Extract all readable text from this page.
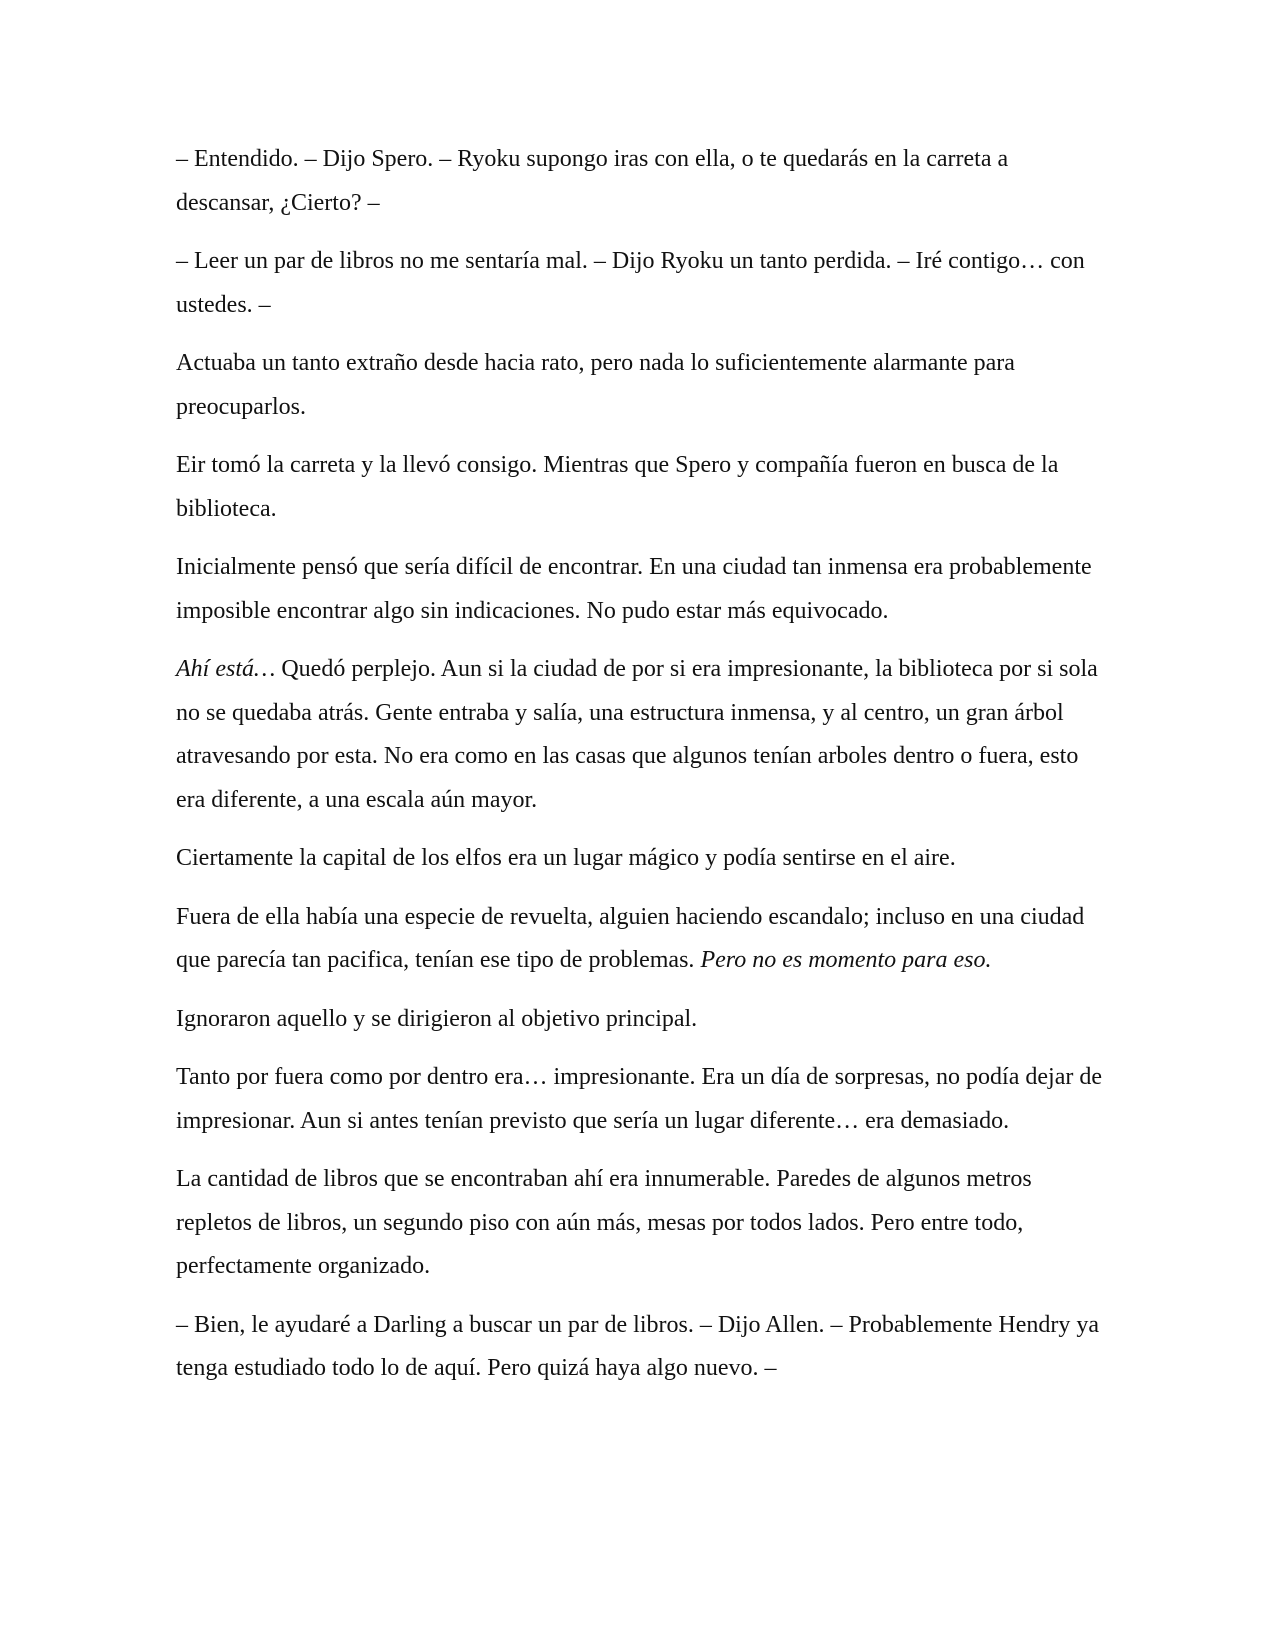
– Entendido. – Dijo Spero. – Ryoku supongo iras con ella, o te quedarás en la carreta a descansar, ¿Cierto? –

– Leer un par de libros no me sentaría mal. – Dijo Ryoku un tanto perdida. – Iré contigo… con ustedes. –

Actuaba un tanto extraño desde hacia rato, pero nada lo suficientemente alarmante para preocuparlos.

Eir tomó la carreta y la llevó consigo. Mientras que Spero y compañía fueron en busca de la biblioteca.

Inicialmente pensó que sería difícil de encontrar. En una ciudad tan inmensa era probablemente imposible encontrar algo sin indicaciones. No pudo estar más equivocado.

Ahí está… Quedó perplejo. Aun si la ciudad de por si era impresionante, la biblioteca por si sola no se quedaba atrás. Gente entraba y salía, una estructura inmensa, y al centro, un gran árbol atravesando por esta. No era como en las casas que algunos tenían arboles dentro o fuera, esto era diferente, a una escala aún mayor.

Ciertamente la capital de los elfos era un lugar mágico y podía sentirse en el aire.

Fuera de ella había una especie de revuelta, alguien haciendo escandalo; incluso en una ciudad que parecía tan pacifica, tenían ese tipo de problemas. Pero no es momento para eso.

Ignoraron aquello y se dirigieron al objetivo principal.

Tanto por fuera como por dentro era… impresionante. Era un día de sorpresas, no podía dejar de impresionar. Aun si antes tenían previsto que sería un lugar diferente… era demasiado.

La cantidad de libros que se encontraban ahí era innumerable. Paredes de algunos metros repletos de libros, un segundo piso con aún más, mesas por todos lados. Pero entre todo, perfectamente organizado.

– Bien, le ayudaré a Darling a buscar un par de libros. – Dijo Allen. – Probablemente Hendry ya tenga estudiado todo lo de aquí. Pero quizá haya algo nuevo. –
